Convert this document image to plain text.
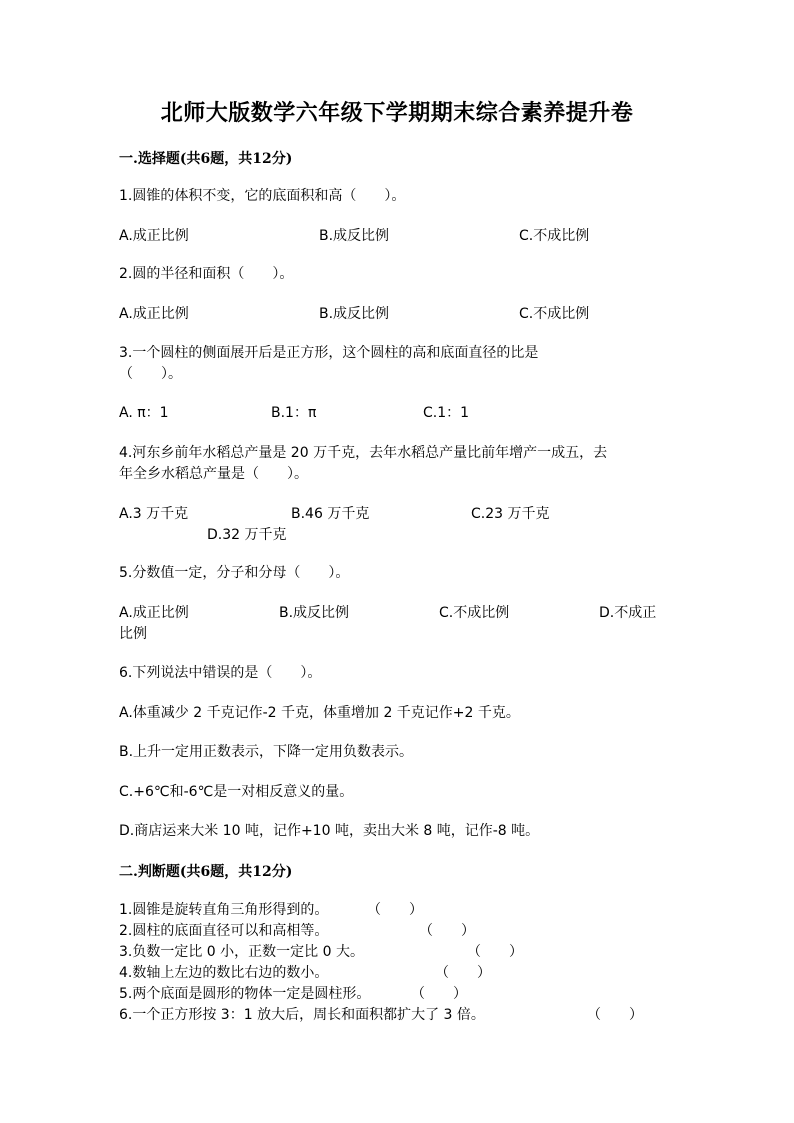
北师大版数学六年级下学期期末综合素养提升卷
一.选择题(共6题，共12分)
1.圆锥的体积不变，它的底面积和高（　　）。
A.成正比例	B.成反比例	C.不成比例
2.圆的半径和面积（　　）。
A.成正比例	B.成反比例	C.不成比例
3.一个圆柱的侧面展开后是正方形，这个圆柱的高和底面直径的比是
（　　）。
A. π：1	B.1：π	C.1：1
4.河东乡前年水稻总产量是 20 万千克，去年水稻总产量比前年增产一成五，去
年全乡水稻总产量是（　　）。
A.3 万千克	B.46 万千克	C.23 万千克
D.32 万千克
5.分数值一定，分子和分母（　　）。
A.成正比例	B.成反比例	C.不成比例	D.不成正
比例
6.下列说法中错误的是（　　）。
A.体重减少 2 千克记作-2 千克，体重增加 2 千克记作+2 千克。
B.上升一定用正数表示，下降一定用负数表示。
C.+6℃和-6℃是一对相反意义的量。
D.商店运来大米 10 吨，记作+10 吨，卖出大米 8 吨，记作-8 吨。
二.判断题(共6题，共12分)
1.圆锥是旋转直角三角形得到的。	（　　）
2.圆柱的底面直径可以和高相等。	（　　）
3.负数一定比 0 小，正数一定比 0 大。	（　　）
4.数轴上左边的数比右边的数小。	（　　）
5.两个底面是圆形的物体一定是圆柱形。	（　　）
6.一个正方形按 3：1 放大后，周长和面积都扩大了 3 倍。	（　　）
